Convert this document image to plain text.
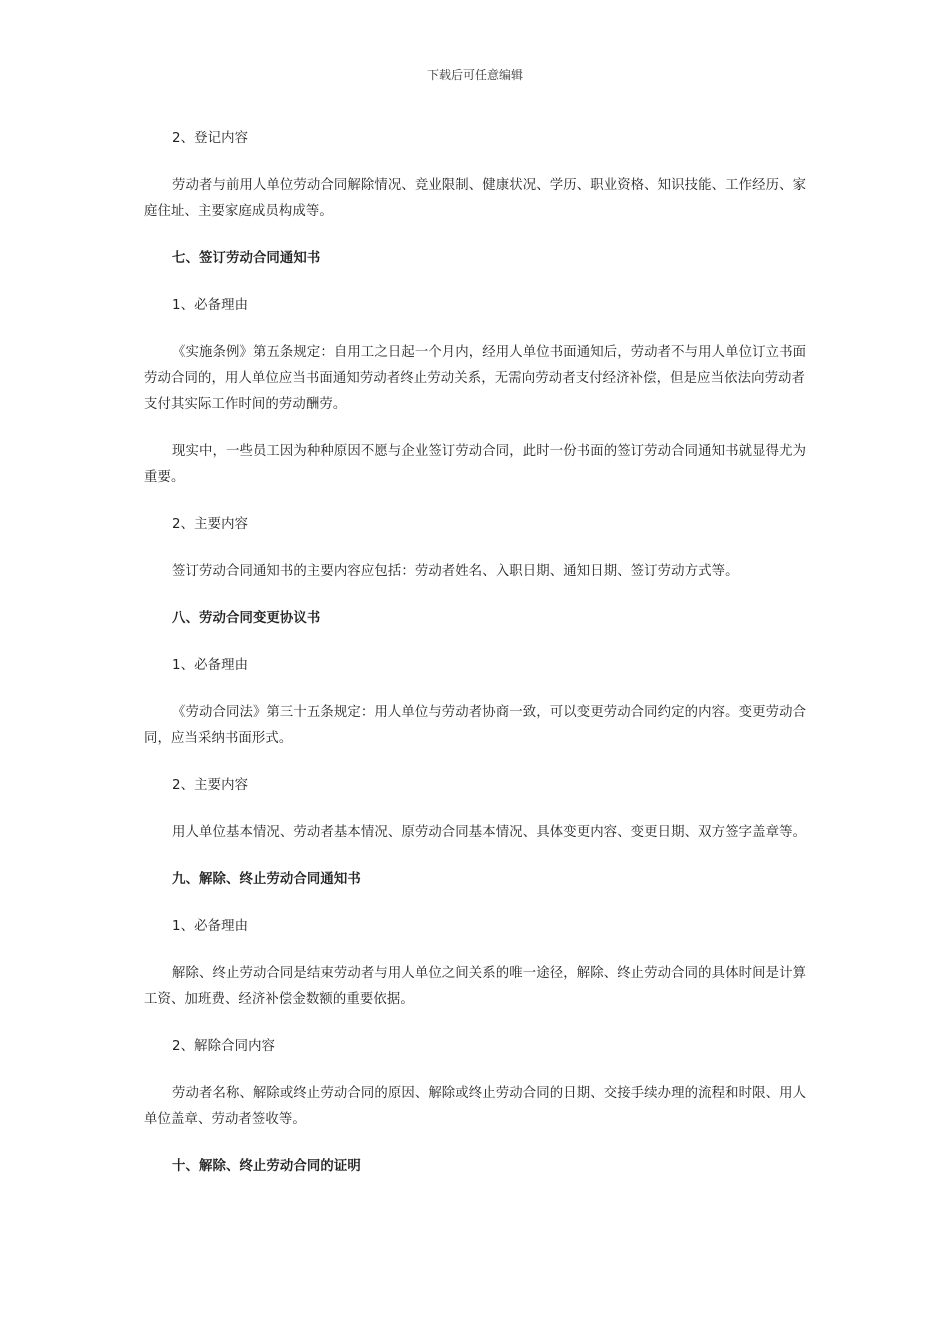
下载后可任意编辑

2、登记内容

劳动者与前用人单位劳动合同解除情况、竞业限制、健康状况、学历、职业资格、知识技能、工作经历、家庭住址、主要家庭成员构成等。

七、签订劳动合同通知书

1、必备理由

《实施条例》第五条规定：自用工之日起一个月内，经用人单位书面通知后，劳动者不与用人单位订立书面劳动合同的，用人单位应当书面通知劳动者终止劳动关系，无需向劳动者支付经济补偿，但是应当依法向劳动者支付其实际工作时间的劳动酬劳。

现实中，一些员工因为种种原因不愿与企业签订劳动合同，此时一份书面的签订劳动合同通知书就显得尤为重要。

2、主要内容

签订劳动合同通知书的主要内容应包括：劳动者姓名、入职日期、通知日期、签订劳动方式等。

八、劳动合同变更协议书

1、必备理由

《劳动合同法》第三十五条规定：用人单位与劳动者协商一致，可以变更劳动合同约定的内容。变更劳动合同，应当采纳书面形式。

2、主要内容

用人单位基本情况、劳动者基本情况、原劳动合同基本情况、具体变更内容、变更日期、双方签字盖章等。

九、解除、终止劳动合同通知书

1、必备理由

解除、终止劳动合同是结束劳动者与用人单位之间关系的唯一途径，解除、终止劳动合同的具体时间是计算工资、加班费、经济补偿金数额的重要依据。

2、解除合同内容

劳动者名称、解除或终止劳动合同的原因、解除或终止劳动合同的日期、交接手续办理的流程和时限、用人单位盖章、劳动者签收等。

十、解除、终止劳动合同的证明
